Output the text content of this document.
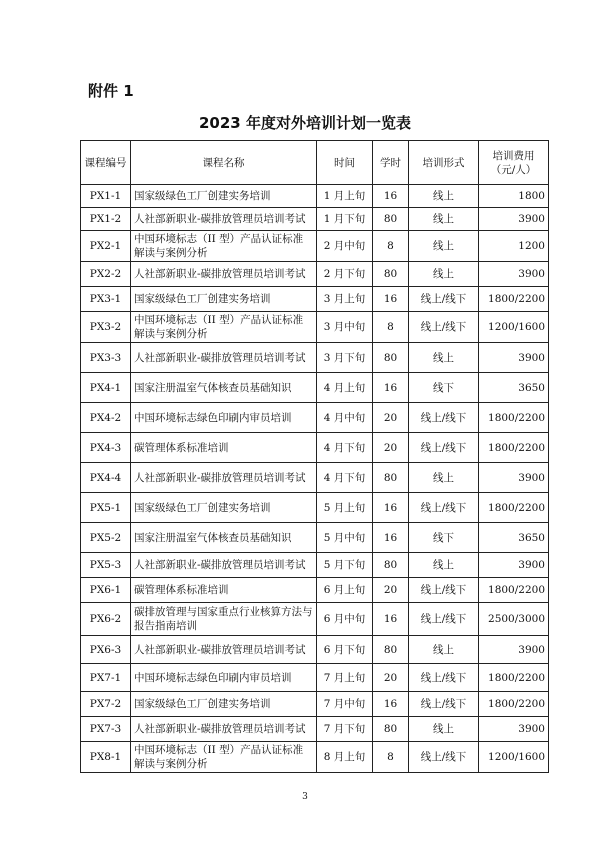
附件 1
2023 年度对外培训计划一览表
课程编号	课程名称	时间	学时	培训形式	培训费用（元/人）
PX1-1	国家级绿色工厂创建实务培训	1 月上旬	16	线上	1800
PX1-2	人社部新职业-碳排放管理员培训考试	1 月下旬	80	线上	3900
PX2-1	中国环境标志（II 型）产品认证标准解读与案例分析	2 月中旬	8	线上	1200
PX2-2	人社部新职业-碳排放管理员培训考试	2 月下旬	80	线上	3900
PX3-1	国家级绿色工厂创建实务培训	3 月上旬	16	线上/线下	1800/2200
PX3-2	中国环境标志（II 型）产品认证标准解读与案例分析	3 月中旬	8	线上/线下	1200/1600
PX3-3	人社部新职业-碳排放管理员培训考试	3 月下旬	80	线上	3900
PX4-1	国家注册温室气体核查员基础知识	4 月上旬	16	线下	3650
PX4-2	中国环境标志绿色印刷内审员培训	4 月中旬	20	线上/线下	1800/2200
PX4-3	碳管理体系标准培训	4 月下旬	20	线上/线下	1800/2200
PX4-4	人社部新职业-碳排放管理员培训考试	4 月下旬	80	线上	3900
PX5-1	国家级绿色工厂创建实务培训	5 月上旬	16	线上/线下	1800/2200
PX5-2	国家注册温室气体核查员基础知识	5 月中旬	16	线下	3650
PX5-3	人社部新职业-碳排放管理员培训考试	5 月下旬	80	线上	3900
PX6-1	碳管理体系标准培训	6 月上旬	20	线上/线下	1800/2200
PX6-2	碳排放管理与国家重点行业核算方法与报告指南培训	6 月中旬	16	线上/线下	2500/3000
PX6-3	人社部新职业-碳排放管理员培训考试	6 月下旬	80	线上	3900
PX7-1	中国环境标志绿色印刷内审员培训	7 月上旬	20	线上/线下	1800/2200
PX7-2	国家级绿色工厂创建实务培训	7 月中旬	16	线上/线下	1800/2200
PX7-3	人社部新职业-碳排放管理员培训考试	7 月下旬	80	线上	3900
PX8-1	中国环境标志（II 型）产品认证标准解读与案例分析	8 月上旬	8	线上/线下	1200/1600
3
